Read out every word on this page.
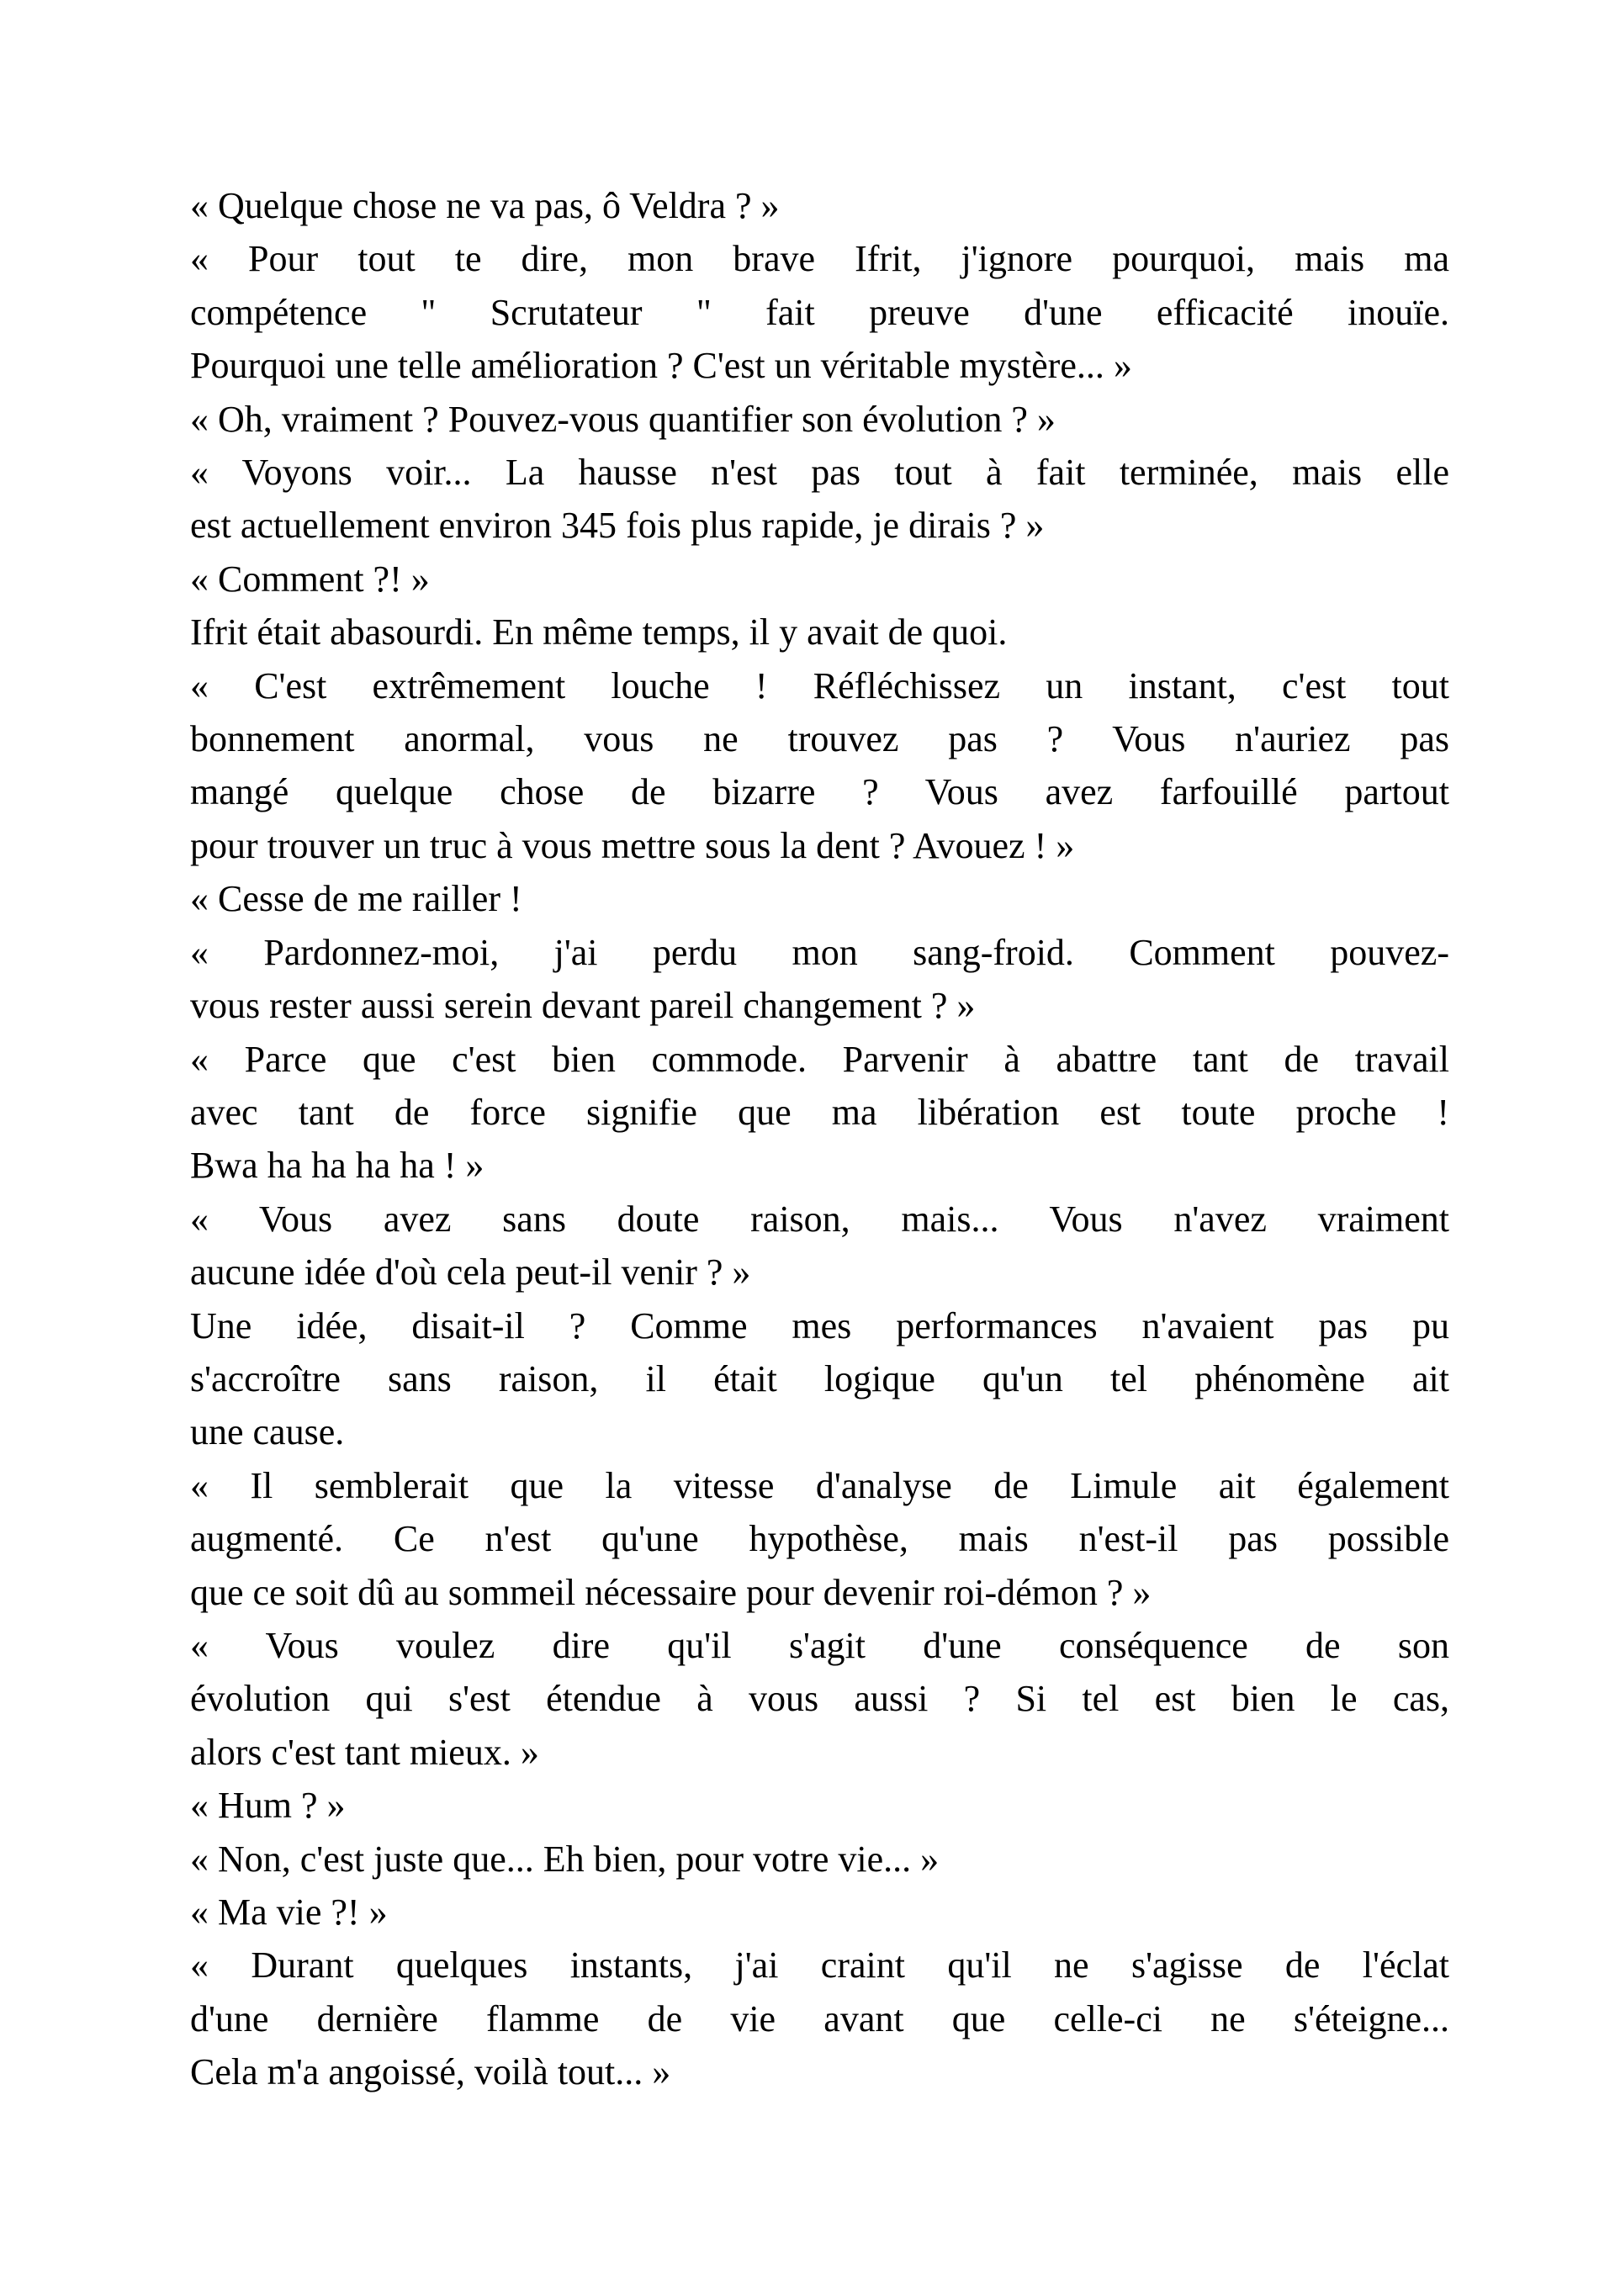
« Quelque chose ne va pas, ô Veldra ? »
« Pour tout te dire, mon brave Ifrit, j'ignore pourquoi, mais ma
compétence " Scrutateur " fait preuve d'une efficacité inouïe.
Pourquoi une telle amélioration ? C'est un véritable mystère... »
« Oh, vraiment ? Pouvez-vous quantifier son évolution ? »
« Voyons voir... La hausse n'est pas tout à fait terminée, mais elle
est actuellement environ 345 fois plus rapide, je dirais ? »
« Comment ?! »
Ifrit était abasourdi. En même temps, il y avait de quoi.
« C'est extrêmement louche ! Réfléchissez un instant, c'est tout
bonnement anormal, vous ne trouvez pas ? Vous n'auriez pas
mangé quelque chose de bizarre ? Vous avez farfouillé partout
pour trouver un truc à vous mettre sous la dent ? Avouez ! »
« Cesse de me railler !
« Pardonnez-moi, j'ai perdu mon sang-froid. Comment pouvez-
vous rester aussi serein devant pareil changement ? »
« Parce que c'est bien commode. Parvenir à abattre tant de travail
avec tant de force signifie que ma libération est toute proche !
Bwa ha ha ha ha ! »
« Vous avez sans doute raison, mais... Vous n'avez vraiment
aucune idée d'où cela peut-il venir ? »
Une idée, disait-il ? Comme mes performances n'avaient pas pu
s'accroître sans raison, il était logique qu'un tel phénomène ait
une cause.
« Il semblerait que la vitesse d'analyse de Limule ait également
augmenté. Ce n'est qu'une hypothèse, mais n'est-il pas possible
que ce soit dû au sommeil nécessaire pour devenir roi-démon ? »
« Vous voulez dire qu'il s'agit d'une conséquence de son
évolution qui s'est étendue à vous aussi ? Si tel est bien le cas,
alors c'est tant mieux. »
« Hum ? »
« Non, c'est juste que... Eh bien, pour votre vie... »
« Ma vie ?! »
« Durant quelques instants, j'ai craint qu'il ne s'agisse de l'éclat
d'une dernière flamme de vie avant que celle-ci ne s'éteigne...
Cela m'a angoissé, voilà tout... »
